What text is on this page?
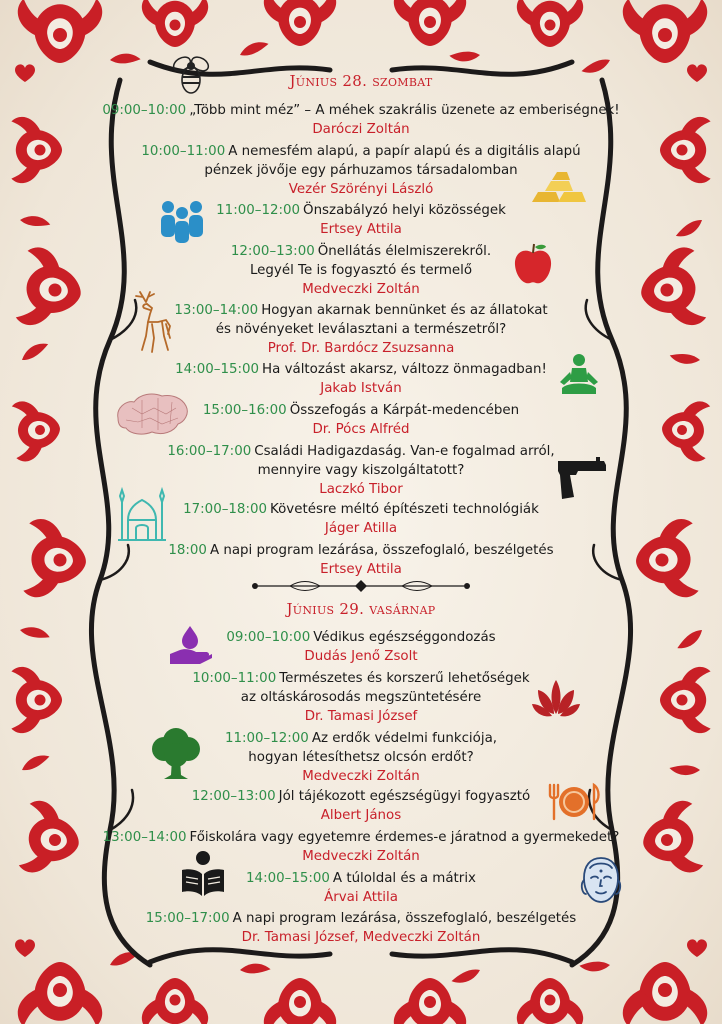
Június 28. szombat
09:00–10:00 „Több mint méz” – A méhek szakrális üzenete az emberiségnek!
Daróczi Zoltán
10:00–11:00 A nemesfém alapú, a papír alapú és a digitális alapú
pénzek jövője egy párhuzamos társadalomban
Vezér Szörényi László
11:00–12:00 Önszabályzó helyi közösségek
Ertsey Attila
12:00–13:00 Önellátás élelmiszerekről.
Legyél Te is fogyasztó és termelő
Medveczki Zoltán
13:00–14:00 Hogyan akarnak bennünket és az állatokat
és növényeket leválasztani a természetről?
Prof. Dr. Bardócz Zsuzsanna
14:00–15:00 Ha változást akarsz, változz önmagadban!
Jakab István
15:00–16:00 Összefogás a Kárpát-medencében
Dr. Pócs Alfréd
16:00–17:00 Családi Hadigazdaság. Van-e fogalmad arról,
mennyire vagy kiszolgáltatott?
Laczkó Tibor
17:00–18:00 Követésre méltó építészeti technológiák
Jáger Atilla
18:00 A napi program lezárása, összefoglaló, beszélgetés
Ertsey Attila
Június 29. vasárnap
09:00–10:00 Védikus egészséggondozás
Dudás Jenő Zsolt
10:00–11:00 Természetes és korszerű lehetőségek
az oltáskárosodás megszüntetésére
Dr. Tamasi József
11:00–12:00 Az erdők védelmi funkciója,
hogyan létesíthetsz olcsón erdőt?
Medveczki Zoltán
12:00–13:00 Jól tájékozott egészségügyi fogyasztó
Albert János
13:00–14:00 Főiskolára vagy egyetemre érdemes-e járatnod a gyermekedet?
Medveczki Zoltán
14:00–15:00 A túloldal és a mátrix
Árvai Attila
15:00–17:00 A napi program lezárása, összefoglaló, beszélgetés
Dr. Tamasi József, Medveczki Zoltán
